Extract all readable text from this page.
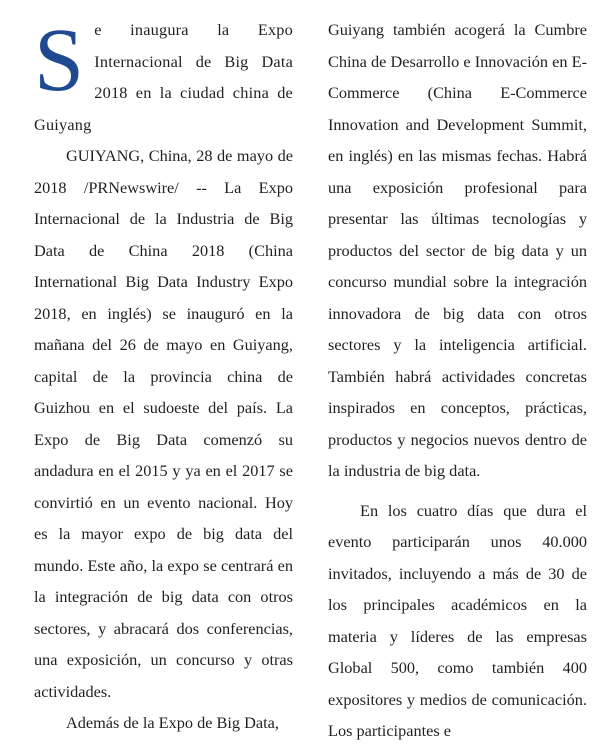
Se inaugura la Expo Internacional de Big Data 2018 en la ciudad china de Guiyang

GUIYANG, China, 28 de mayo de 2018 /PRNewswire/ -- La Expo Internacional de la Industria de Big Data de China 2018 (China International Big Data Industry Expo 2018, en inglés) se inauguró en la mañana del 26 de mayo en Guiyang, capital de la provincia china de Guizhou en el sudoeste del país. La Expo de Big Data comenzó su andadura en el 2015 y ya en el 2017 se convirtió en un evento nacional. Hoy es la mayor expo de big data del mundo. Este año, la expo se centrará en la integración de big data con otros sectores, y abracará dos conferencias, una exposición, un concurso y otras actividades.

Además de la Expo de Big Data,

Guiyang también acogerá la Cumbre China de Desarrollo e Innovación en E-Commerce (China E-Commerce Innovation and Development Summit, en inglés) en las mismas fechas. Habrá una exposición profesional para presentar las últimas tecnologías y productos del sector de big data y un concurso mundial sobre la integración innovadora de big data con otros sectores y la inteligencia artificial. También habrá actividades concretas inspirados en conceptos, prácticas, productos y negocios nuevos dentro de la industria de big data.

En los cuatro días que dura el evento participarán unos 40.000 invitados, incluyendo a más de 30 de los principales académicos en la materia y líderes de las empresas Global 500, como también 400 expositores y medios de comunicación. Los participantes e
